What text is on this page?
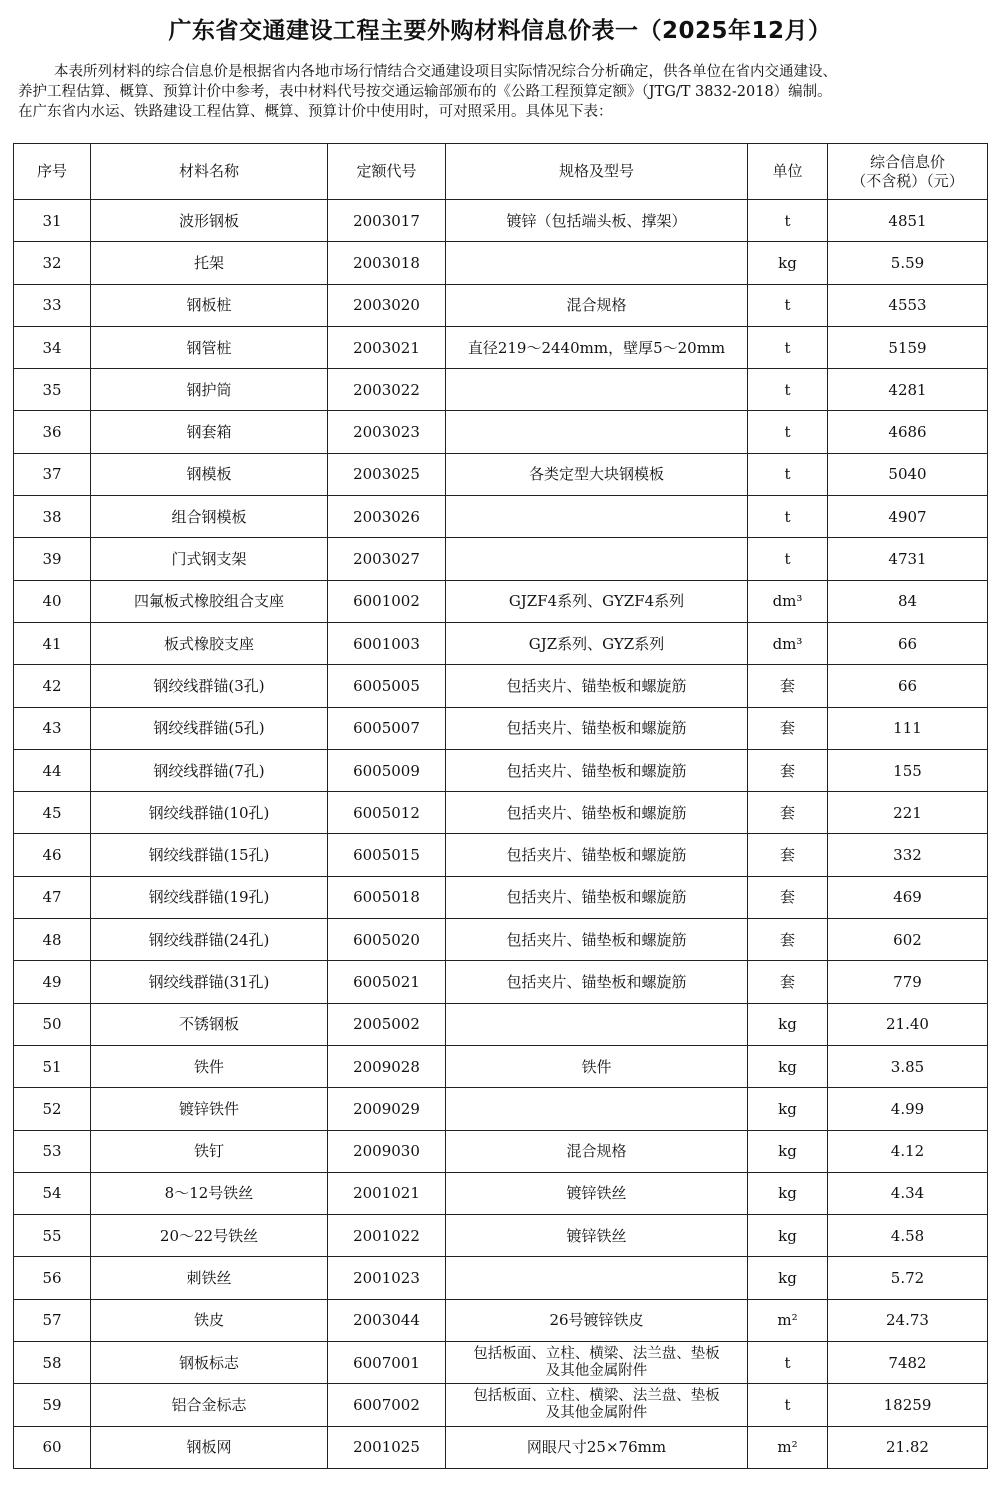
广东省交通建设工程主要外购材料信息价表一（2025年12月）

本表所列材料的综合信息价是根据省内各地市场行情结合交通建设项目实际情况综合分析确定，供各单位在省内交通建设、

养护工程估算、概算、预算计价中参考，表中材料代号按交通运输部颁布的《公路工程预算定额》（JTG/T 3832-2018）编制。

在广东省内水运、铁路建设工程估算、概算、预算计价中使用时，可对照采用。具体见下表：

序号	材料名称	定额代号	规格及型号	单位	综合信息价
（不含税）（元）

31	波形钢板	2003017	镀锌（包括端头板、撑架）	t	4851
32	托架	2003018		kg	5.59
33	钢板桩	2003020	混合规格	t	4553
34	钢管桩	2003021	直径219～2440mm，壁厚5～20mm	t	5159
35	钢护筒	2003022		t	4281
36	钢套箱	2003023		t	4686
37	钢模板	2003025	各类定型大块钢模板	t	5040
38	组合钢模板	2003026		t	4907
39	门式钢支架	2003027		t	4731
40	四氟板式橡胶组合支座	6001002	GJZF4系列、GYZF4系列	dm³	84
41	板式橡胶支座	6001003	GJZ系列、GYZ系列	dm³	66
42	钢绞线群锚(3孔)	6005005	包括夹片、锚垫板和螺旋筋	套	66
43	钢绞线群锚(5孔)	6005007	包括夹片、锚垫板和螺旋筋	套	111
44	钢绞线群锚(7孔)	6005009	包括夹片、锚垫板和螺旋筋	套	155
45	钢绞线群锚(10孔)	6005012	包括夹片、锚垫板和螺旋筋	套	221
46	钢绞线群锚(15孔)	6005015	包括夹片、锚垫板和螺旋筋	套	332
47	钢绞线群锚(19孔)	6005018	包括夹片、锚垫板和螺旋筋	套	469
48	钢绞线群锚(24孔)	6005020	包括夹片、锚垫板和螺旋筋	套	602
49	钢绞线群锚(31孔)	6005021	包括夹片、锚垫板和螺旋筋	套	779
50	不锈钢板	2005002		kg	21.40
51	铁件	2009028	铁件	kg	3.85
52	镀锌铁件	2009029		kg	4.99
53	铁钉	2009030	混合规格	kg	4.12
54	8～12号铁丝	2001021	镀锌铁丝	kg	4.34
55	20～22号铁丝	2001022	镀锌铁丝	kg	4.58
56	刺铁丝	2001023		kg	5.72
57	铁皮	2003044	26号镀锌铁皮	m²	24.73
58	钢板标志	6007001	包括板面、立柱、横梁、法兰盘、垫板
及其他金属附件	t	7482
59	铝合金标志	6007002	包括板面、立柱、横梁、法兰盘、垫板
及其他金属附件	t	18259
60	钢板网	2001025	网眼尺寸25×76mm	m²	21.82
